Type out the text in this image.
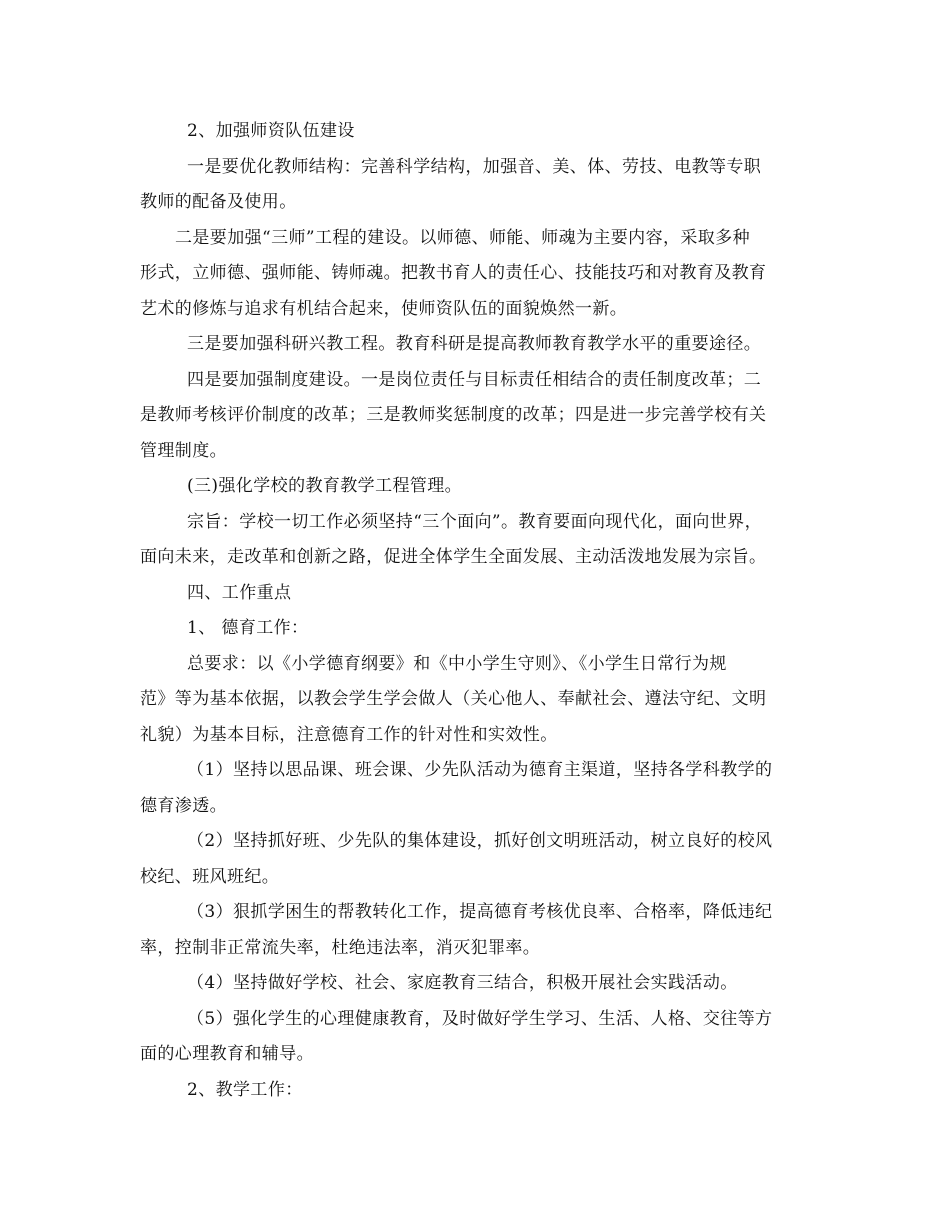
2、加强师资队伍建设
一是要优化教师结构：完善科学结构，加强音、美、体、劳技、电教等专职
教师的配备及使用。
二是要加强“三师”工程的建设。以师德、师能、师魂为主要内容，采取多种
形式，立师德、强师能、铸师魂。把教书育人的责任心、技能技巧和对教育及教育
艺术的修炼与追求有机结合起来，使师资队伍的面貌焕然一新。
三是要加强科研兴教工程。教育科研是提高教师教育教学水平的重要途径。
四是要加强制度建设。一是岗位责任与目标责任相结合的责任制度改革；二
是教师考核评价制度的改革；三是教师奖惩制度的改革；四是进一步完善学校有关
管理制度。
(三)强化学校的教育教学工程管理。
宗旨：学校一切工作必须坚持“三个面向”。教育要面向现代化，面向世界，
面向未来，走改革和创新之路，促进全体学生全面发展、主动活泼地发展为宗旨。
四、工作重点
1、 德育工作：
总要求：以《小学德育纲要》和《中小学生守则》、《小学生日常行为规
范》等为基本依据，以教会学生学会做人（关心他人、奉献社会、遵法守纪、文明
礼貌）为基本目标，注意德育工作的针对性和实效性。
（1）坚持以思品课、班会课、少先队活动为德育主渠道，坚持各学科教学的
德育渗透。
（2）坚持抓好班、少先队的集体建设，抓好创文明班活动，树立良好的校风
校纪、班风班纪。
（3）狠抓学困生的帮教转化工作，提高德育考核优良率、合格率，降低违纪
率，控制非正常流失率，杜绝违法率，消灭犯罪率。
（4）坚持做好学校、社会、家庭教育三结合，积极开展社会实践活动。
（5）强化学生的心理健康教育，及时做好学生学习、生活、人格、交往等方
面的心理教育和辅导。
2、教学工作：
